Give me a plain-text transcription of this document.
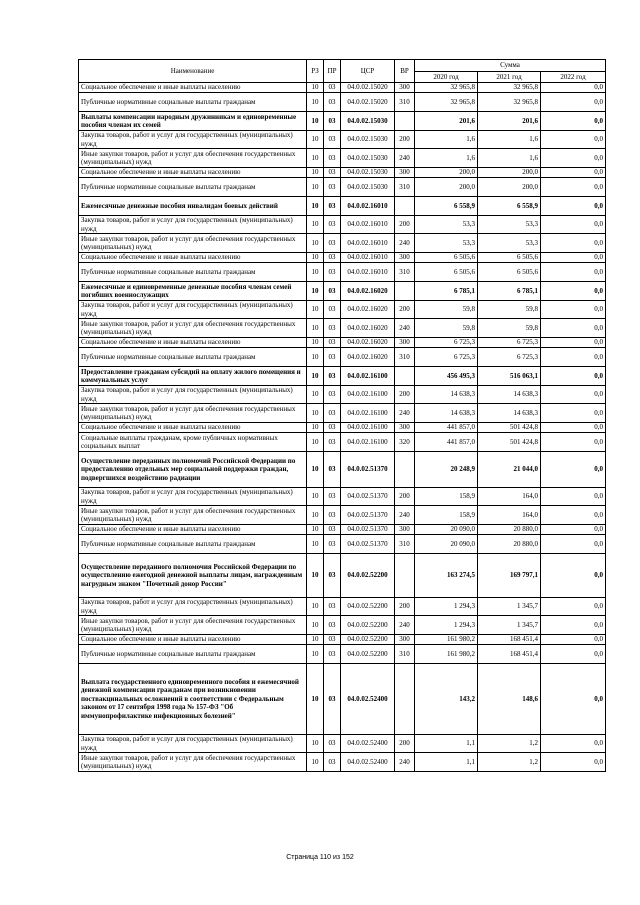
Наименование	РЗ	ПР	ЦСР	ВР	Сумма		
					2020 год	2021 год	2022 год
Социальное обеспечение и иные выплаты населению	10	03	04.0.02.15020	300	32 965,8	32 965,8	0,0
Публичные нормативные социальные выплаты гражданам	10	03	04.0.02.15020	310	32 965,8	32 965,8	0,0
Выплаты компенсации народным дружинникам и единовременные пособия членам их семей	10	03	04.0.02.15030		201,6	201,6	0,0
Закупка товаров, работ и услуг для государственных (муниципальных) нужд	10	03	04.0.02.15030	200	1,6	1,6	0,0
Иные закупки товаров, работ и услуг для обеспечения государственных (муниципальных) нужд	10	03	04.0.02.15030	240	1,6	1,6	0,0
Социальное обеспечение и иные выплаты населению	10	03	04.0.02.15030	300	200,0	200,0	0,0
Публичные нормативные социальные выплаты гражданам	10	03	04.0.02.15030	310	200,0	200,0	0,0
Ежемесячные денежные пособия инвалидам боевых действий	10	03	04.0.02.16010		6 558,9	6 558,9	0,0
Закупка товаров, работ и услуг для государственных (муниципальных) нужд	10	03	04.0.02.16010	200	53,3	53,3	0,0
Иные закупки товаров, работ и услуг для обеспечения государственных (муниципальных) нужд	10	03	04.0.02.16010	240	53,3	53,3	0,0
Социальное обеспечение и иные выплаты населению	10	03	04.0.02.16010	300	6 505,6	6 505,6	0,0
Публичные нормативные социальные выплаты гражданам	10	03	04.0.02.16010	310	6 505,6	6 505,6	0,0
Ежемесячные и единовременные денежные пособия членам семей погибших военнослужащих	10	03	04.0.02.16020		6 785,1	6 785,1	0,0
Закупка товаров, работ и услуг для государственных (муниципальных) нужд	10	03	04.0.02.16020	200	59,8	59,8	0,0
Иные закупки товаров, работ и услуг для обеспечения государственных (муниципальных) нужд	10	03	04.0.02.16020	240	59,8	59,8	0,0
Социальное обеспечение и иные выплаты населению	10	03	04.0.02.16020	300	6 725,3	6 725,3	0,0
Публичные нормативные социальные выплаты гражданам	10	03	04.0.02.16020	310	6 725,3	6 725,3	0,0
Предоставление гражданам субсидий на оплату жилого помещения и коммунальных услуг	10	03	04.0.02.16100		456 495,3	516 063,1	0,0
Закупка товаров, работ и услуг для государственных (муниципальных) нужд	10	03	04.0.02.16100	200	14 638,3	14 638,3	0,0
Иные закупки товаров, работ и услуг для обеспечения государственных (муниципальных) нужд	10	03	04.0.02.16100	240	14 638,3	14 638,3	0,0
Социальное обеспечение и иные выплаты населению	10	03	04.0.02.16100	300	441 857,0	501 424,8	0,0
Социальные выплаты гражданам, кроме публичных нормативных социальных выплат	10	03	04.0.02.16100	320	441 857,0	501 424,8	0,0
Осуществление переданных полномочий Российской Федерации по предоставлению отдельных мер социальной поддержки граждан, подвергшихся воздействию радиации	10	03	04.0.02.51370		20 248,9	21 044,0	0,0
Закупка товаров, работ и услуг для государственных (муниципальных) нужд	10	03	04.0.02.51370	200	158,9	164,0	0,0
Иные закупки товаров, работ и услуг для обеспечения государственных (муниципальных) нужд	10	03	04.0.02.51370	240	158,9	164,0	0,0
Социальное обеспечение и иные выплаты населению	10	03	04.0.02.51370	300	20 090,0	20 880,0	0,0
Публичные нормативные социальные выплаты гражданам	10	03	04.0.02.51370	310	20 090,0	20 880,0	0,0
Осуществление переданного полномочия Российской Федерации по осуществлению ежегодной денежной выплаты лицам, награжденным нагрудным знаком "Почетный донор России"	10	03	04.0.02.52200		163 274,5	169 797,1	0,0
Закупка товаров, работ и услуг для государственных (муниципальных) нужд	10	03	04.0.02.52200	200	1 294,3	1 345,7	0,0
Иные закупки товаров, работ и услуг для обеспечения государственных (муниципальных) нужд	10	03	04.0.02.52200	240	1 294,3	1 345,7	0,0
Социальное обеспечение и иные выплаты населению	10	03	04.0.02.52200	300	161 980,2	168 451,4	0,0
Публичные нормативные социальные выплаты гражданам	10	03	04.0.02.52200	310	161 980,2	168 451,4	0,0
Выплата государственного единовременного пособия и ежемесячной денежной компенсации гражданам при возникновении поствакцинальных осложнений в соответствии с Федеральным законом от 17 сентября 1998 года № 157-ФЗ "Об иммунопрофилактике инфекционных болезней"	10	03	04.0.02.52400		143,2	148,6	0,0
Закупка товаров, работ и услуг для государственных (муниципальных) нужд	10	03	04.0.02.52400	200	1,1	1,2	0,0
Иные закупки товаров, работ и услуг для обеспечения государственных (муниципальных) нужд	10	03	04.0.02.52400	240	1,1	1,2	0,0
Страница 110 из 152
